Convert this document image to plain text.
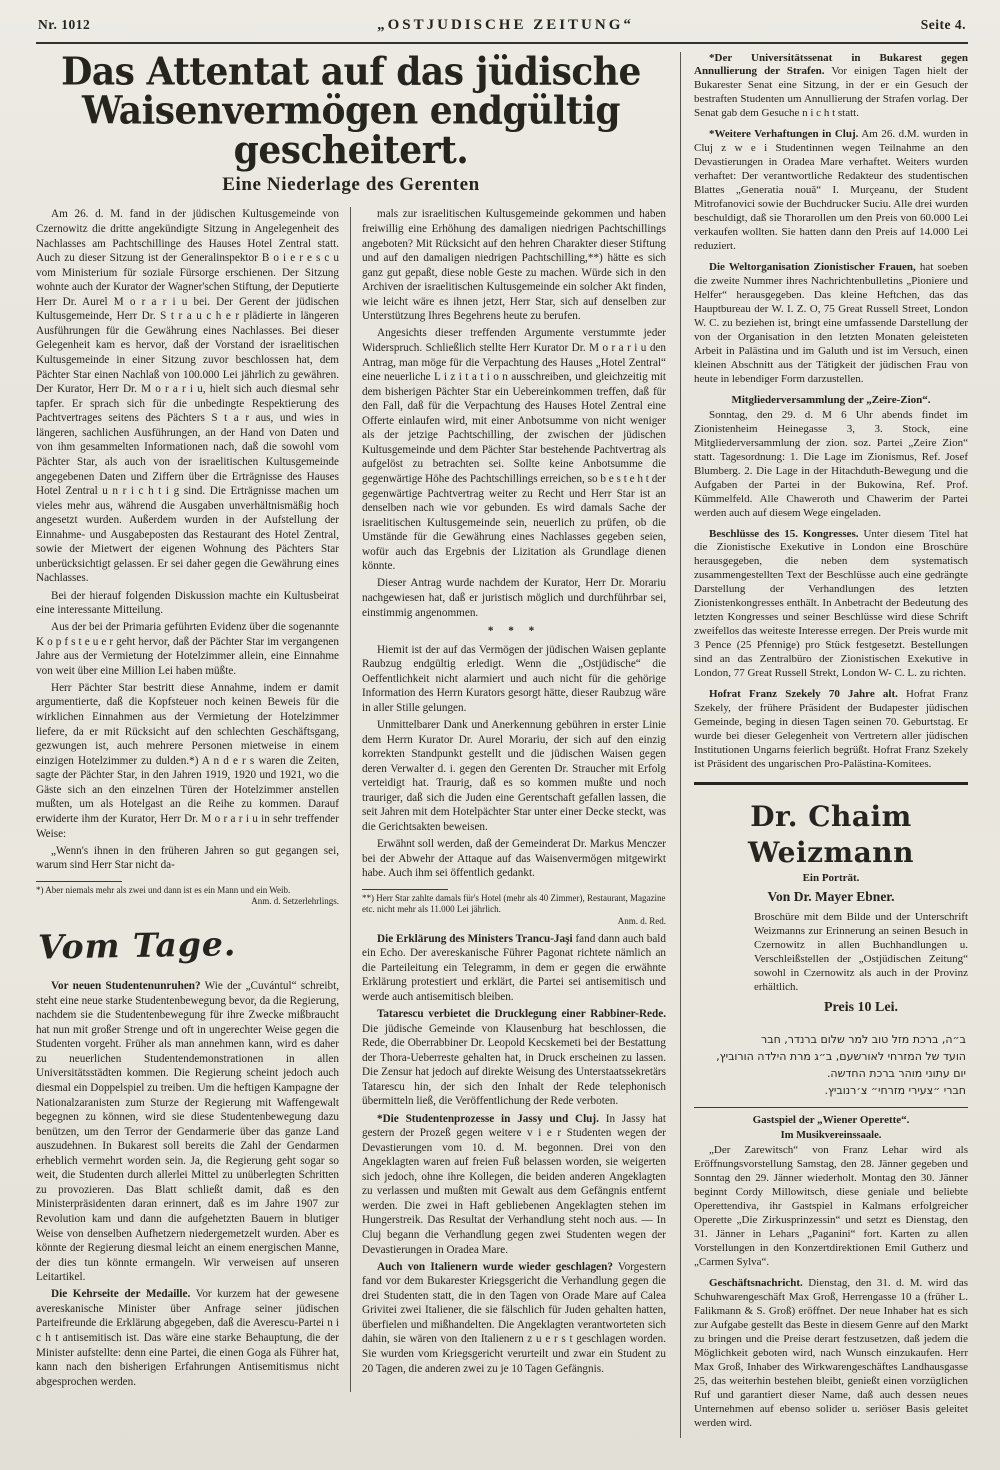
Nr. 1012	„OSTJUDISCHE ZEITUNG“	Seite 4.
Das Attentat auf das jüdische Waisenvermögen endgültig gescheitert.
Eine Niederlage des Gerenten

Am 26. d. M. fand in der jüdischen Kultusgemeinde von Czernowitz die dritte angekündigte Sitzung in Angelegenheit des Nachlasses am Pachtschillinge des Hauses Hotel Zentral statt. Auch zu dieser Sitzung ist der Generalinspektor B o i e r e s c u vom Ministerium für soziale Fürsorge erschienen. Der Sitzung wohnte auch der Kurator der Wagner'schen Stiftung, der Deputierte Herr Dr. Aurel M o r a r i u bei. Der Gerent der jüdischen Kultusgemeinde, Herr Dr. S t r a u c h e r plädierte in längeren Ausführungen für die Gewährung eines Nachlasses. Bei dieser Gelegenheit kam es hervor, daß der Vorstand der israelitischen Kultusgemeinde in einer Sitzung zuvor beschlossen hat, dem Pächter Star einen Nachlaß von 100.000 Lei jährlich zu gewähren. Der Kurator, Herr Dr. M o r a r i u, hielt sich auch diesmal sehr tapfer. Er sprach sich für die unbedingte Respektierung des Pachtvertrages seitens des Pächters S t a r aus, und wies in längeren, sachlichen Ausführungen, an der Hand von Daten und von ihm gesammelten Informationen nach, daß die sowohl vom Pächter Star, als auch von der israelitischen Kultusgemeinde angegebenen Daten und Ziffern über die Erträgnisse des Hauses Hotel Zentral u n r i c h t i g sind. Die Erträgnisse machen um vieles mehr aus, während die Ausgaben unverhältnismäßig hoch angesetzt wurden. Außerdem wurden in der Aufstellung der Einnahme- und Ausgabeposten das Restaurant des Hotel Zentral, sowie der Mietwert der eigenen Wohnung des Pächters Star unberücksichtigt gelassen. Er sei daher gegen die Gewährung eines Nachlasses.

Bei der hierauf folgenden Diskussion machte ein Kultusbeirat eine interessante Mitteilung.

Aus der bei der Primaria geführten Evidenz über die sogenannte K o p f s t e u e r geht hervor, daß der Pächter Star im vergangenen Jahre aus der Vermietung der Hotelzimmer allein, eine Einnahme von weit über eine Million Lei haben müßte.

Herr Pächter Star bestritt diese Annahme, indem er damit argumentierte, daß die Kopfsteuer noch keinen Beweis für die wirklichen Einnahmen aus der Vermietung der Hotelzimmer liefere, da er mit Rücksicht auf den schlechten Geschäftsgang, gezwungen ist, auch mehrere Personen mietweise in einem einzigen Hotelzimmer zu dulden.*) A n d e r s waren die Zeiten, sagte der Pächter Star, in den Jahren 1919, 1920 und 1921, wo die Gäste sich an den einzelnen Türen der Hotelzimmer anstellen mußten, um als Hotelgast an die Reihe zu kommen. Darauf erwiderte ihm der Kurator, Herr Dr. M o r a r i u in sehr treffender Weise:

„Wenn's ihnen in den früheren Jahren so gut gegangen sei, warum sind Herr Star nicht da-

*) Aber niemals mehr als zwei und dann ist es ein Mann und ein Weib.
Anm. d. Setzerlehrlings.
Vom Tage.

Vor neuen Studentenunruhen? Wie der „Cuvántul“ schreibt, steht eine neue starke Studentenbewegung bevor, da die Regierung, nachdem sie die Studentenbewegung für ihre Zwecke mißbraucht hat nun mit großer Strenge und oft in ungerechter Weise gegen die Studenten vorgeht. Früher als man annehmen kann, wird es daher zu neuerlichen Studentendemonstrationen in allen Universitätsstädten kommen. Die Regierung scheint jedoch auch diesmal ein Doppelspiel zu treiben. Um die heftigen Kampagne der Nationalzaranisten zum Sturze der Regierung mit Waffengewalt begegnen zu können, wird sie diese Studentenbewegung dazu benützen, um den Terror der Gendarmerie über das ganze Land auszudehnen. In Bukarest soll bereits die Zahl der Gendarmen erheblich vermehrt worden sein. Ja, die Regierung geht sogar so weit, die Studenten durch allerlei Mittel zu unüberlegten Schritten zu provozieren. Das Blatt schließt damit, daß es den Ministerpräsidenten daran erinnert, daß es im Jahre 1907 zur Revolution kam und dann die aufgehetzten Bauern in blutiger Weise von denselben Aufhetzern niedergemetzelt wurden. Aber es könnte der Regierung diesmal leicht an einem energischen Manne, der dies tun könnte ermangeln. Wir verweisen auf unseren Leitartikel.

Die Kehrseite der Medaille. Vor kurzem hat der gewesene avereskanische Minister über Anfrage seiner jüdischen Parteifreunde die Erklärung abgegeben, daß die Averescu-Partei n i c h t antisemitisch ist. Das wäre eine starke Behauptung, die der Minister aufstellte: denn eine Partei, die einen Goga als Führer hat, kann nach den bisherigen Erfahrungen Antisemitismus nicht abgesprochen werden.

mals zur israelitischen Kultusgemeinde gekommen und haben freiwillig eine Erhöhung des damaligen niedrigen Pachtschillings angeboten? Mit Rücksicht auf den hehren Charakter dieser Stiftung und auf den damaligen niedrigen Pachtschilling,**) hätte es sich ganz gut gepaßt, diese noble Geste zu machen. Würde sich in den Archiven der israelitischen Kultusgemeinde ein solcher Akt finden, wie leicht wäre es ihnen jetzt, Herr Star, sich auf denselben zur Unterstützung Ihres Begehrens heute zu berufen.

Angesichts dieser treffenden Argumente verstummte jeder Widerspruch. Schließlich stellte Herr Kurator Dr. M o r a r i u den Antrag, man möge für die Verpachtung des Hauses „Hotel Zentral“ eine neuerliche L i z i t a t i o n ausschreiben, und gleichzeitig mit dem bisherigen Pächter Star ein Uebereinkommen treffen, daß für den Fall, daß für die Verpachtung des Hauses Hotel Zentral eine Offerte einlaufen wird, mit einer Anbotsumme von nicht weniger als der jetzige Pachtschilling, der zwischen der jüdischen Kultusgemeinde und dem Pächter Star bestehende Pachtvertrag als aufgelöst zu betrachten sei. Sollte keine Anbotsumme die gegenwärtige Höhe des Pachtschillings erreichen, so b e s t e h t der gegenwärtige Pachtvertrag weiter zu Recht und Herr Star ist an denselben nach wie vor gebunden. Es wird damals Sache der israelitischen Kultusgemeinde sein, neuerlich zu prüfen, ob die Umstände für die Gewährung eines Nachlasses gegeben seien, wofür auch das Ergebnis der Lizitation als Grundlage dienen könnte.

Dieser Antrag wurde nachdem der Kurator, Herr Dr. Morariu nachgewiesen hat, daß er juristisch möglich und durchführbar sei, einstimmig angenommen.

* * *

Hiemit ist der auf das Vermögen der jüdischen Waisen geplante Raubzug endgültig erledigt. Wenn die „Ostjüdische“ die Oeffentlichkeit nicht alarmiert und auch nicht für die gehörige Information des Herrn Kurators gesorgt hätte, dieser Raubzug wäre in aller Stille gelungen.

Unmittelbarer Dank und Anerkennung gebühren in erster Linie dem Herrn Kurator Dr. Aurel Morariu, der sich auf den einzig korrekten Standpunkt gestellt und die jüdischen Waisen gegen deren Verwalter d. i. gegen den Gerenten Dr. Straucher mit Erfolg verteidigt hat. Traurig, daß es so kommen mußte und noch trauriger, daß sich die Juden eine Gerentschaft gefallen lassen, die seit Jahren mit dem Hotelpächter Star unter einer Decke steckt, was die Gerichtsakten beweisen.

Erwähnt soll werden, daß der Gemeinderat Dr. Markus Menczer bei der Abwehr der Attaque auf das Waisenvermögen mitgewirkt habe. Auch ihm sei öffentlich gedankt.

**) Herr Star zahlte damals für's Hotel (mehr als 40 Zimmer), Restaurant, Magazine etc. nicht mehr als 11.000 Lei jährlich.
Anm. d. Red.

Die Erklärung des Ministers Trancu-Jaşi fand dann auch bald ein Echo. Der avereskanische Führer Pagonat richtete nämlich an die Parteileitung ein Telegramm, in dem er gegen die erwähnte Erklärung protestiert und erklärt, die Partei sei antisemitisch und werde auch antisemitisch bleiben.

Tatarescu verbietet die Drucklegung einer Rabbiner-Rede. Die jüdische Gemeinde von Klausenburg hat beschlossen, die Rede, die Oberrabbiner Dr. Leopold Kecskemeti bei der Bestattung der Thora-Ueberreste gehalten hat, in Druck erscheinen zu lassen. Die Zensur hat jedoch auf direkte Weisung des Unterstaatssekretärs Tatarescu hin, der sich den Inhalt der Rede telephonisch übermitteln ließ, die Veröffentlichung der Rede verboten.

*Die Studentenprozesse in Jassy und Cluj. In Jassy hat gestern der Prozeß gegen weitere v i e r Studenten wegen der Devastierungen vom 10. d. M. begonnen. Drei von den Angeklagten waren auf freien Fuß belassen worden, sie weigerten sich jedoch, ohne ihre Kollegen, die beiden anderen Angeklagten zu verlassen und mußten mit Gewalt aus dem Gefängnis entfernt werden. Die zwei in Haft gebliebenen Angeklagten stehen im Hungerstreik. Das Resultat der Verhandlung steht noch aus. — In Cluj begann die Verhandlung gegen zwei Studenten wegen der Devastierungen in Oradea Mare.

Auch von Italienern wurde wieder geschlagen? Vorgestern fand vor dem Bukarester Kriegsgericht die Verhandlung gegen die drei Studenten statt, die in den Tagen von Orade Mare auf Calea Grivitei zwei Italiener, die sie fälschlich für Juden gehalten hatten, überfielen und mißhandelten. Die Angeklagten verantworteten sich dahin, sie wären von den Italienern z u e r s t geschlagen worden. Sie wurden vom Kriegsgericht verurteilt und zwar ein Student zu 20 Tagen, die anderen zwei zu je 10 Tagen Gefängnis.

*Der Universitätssenat in Bukarest gegen Annullierung der Strafen. Vor einigen Tagen hielt der Bukarester Senat eine Sitzung, in der er ein Gesuch der bestraften Studenten um Annullierung der Strafen vorlag. Der Senat gab dem Gesuche n i c h t statt.

*Weitere Verhaftungen in Cluj. Am 26. d.M. wurden in Cluj z w e i Studentinnen wegen Teilnahme an den Devastierungen in Oradea Mare verhaftet. Weiters wurden verhaftet: Der verantwortliche Redakteur des studentischen Blattes „Generatia nouă“ I. Murçeanu, der Student Mitrofanovici sowie der Buchdrucker Suciu. Alle drei wurden beschuldigt, daß sie Thorarollen um den Preis von 60.000 Lei verkaufen wollten. Sie hatten dann den Preis auf 14.000 Lei reduziert.

Die Weltorganisation Zionistischer Frauen, hat soeben die zweite Nummer ihres Nachrichtenbulletins „Pioniere und Helfer“ herausgegeben. Das kleine Heftchen, das das Hauptbureau der W. I. Z. O, 75 Great Russell Street, London W. C. zu beziehen ist, bringt eine umfassende Darstellung der von der Organisation in den letzten Monaten geleisteten Arbeit in Palästina und im Galuth und ist im Versuch, einen kleinen Abschnitt aus der Tätigkeit der jüdischen Frau von heute in lebendiger Form darzustellen.

Mitgliederversammlung der „Zeire-Zion“.

Sonntag, den 29. d. M 6 Uhr abends findet im Zionistenheim Heinegasse 3, 3. Stock, eine Mitgliederversammlung der zion. soz. Partei „Zeire Zion“ statt. Tagesordnung: 1. Die Lage im Zionismus, Ref. Josef Blumberg. 2. Die Lage in der Hitachduth-Bewegung und die Aufgaben der Partei in der Bukowina, Ref. Prof. Kümmelfeld. Alle Chaweroth und Chawerim der Partei werden auch auf diesem Wege eingeladen.

Beschlüsse des 15. Kongresses. Unter diesem Titel hat die Zionistische Exekutive in London eine Broschüre herausgegeben, die neben dem systematisch zusammengestellten Text der Beschlüsse auch eine gedrängte Darstellung der Verhandlungen des letzten Zionistenkongresses enthält. In Anbetracht der Bedeutung des letzten Kongresses und seiner Beschlüsse wird diese Schrift zweifellos das weiteste Interesse erregen. Der Preis wurde mit 3 Pence (25 Pfennige) pro Stück festgesetzt. Bestellungen sind an das Zentralbüro der Zionistischen Exekutive in London, 77 Great Russell Strekt, London W- C. L. zu richten.

Hofrat Franz Szekely 70 Jahre alt. Hofrat Franz Szekely, der frühere Präsident der Budapester jüdischen Gemeinde, beging in diesen Tagen seinen 70. Geburtstag. Er wurde bei dieser Gelegenheit von Vertretern aller jüdischen Institutionen Ungarns feierlich begrüßt. Hofrat Franz Szekely ist Präsident des ungarischen Pro-Palästina-Komitees.

Dr. Chaim Weizmann
Ein Porträt.
Von Dr. Mayer Ebner.

Broschüre mit dem Bilde und der Unterschrift Weizmanns zur Erinnerung an seinen Besuch in Czernowitz in allen Buchhandlungen u. Verschleißstellen der „Ostjüdischen Zeitung“ sowohl in Czernowitz als auch in der Provinz erhältlich.

Preis 10 Lei.
ב״ה, ברכת מזל טוב למר שלום ברנדר, חבר
הועד של המזרחי לאורשעם, ב״ג מרת הילדה הורוביץ,
יום עתוני מוהר ברכת החדשה.
חברי ״צעירי מזרחי״ צ׳רנוביץ.
Gastspiel der „Wiener Operette“.
Im Musikvereinssaale.

„Der Zarewitsch“ von Franz Lehar wird als Eröffnungsvorstellung Samstag, den 28. Jänner gegeben und Sonntag den 29. Jänner wiederholt. Montag den 30. Jänner beginnt Cordy Millowitsch, diese geniale und beliebte Operettendiva, ihr Gastspiel in Kalmans erfolgreicher Operette „Die Zirkusprinzessin“ und setzt es Dienstag, den 31. Jänner in Lehars „Paganini“ fort. Karten zu allen Vorstellungen in den Konzertdirektionen Emil Gutherz und „Carmen Sylva“.

Geschäftsnachricht. Dienstag, den 31. d. M. wird das Schuhwarengeschäft Max Groß, Herrengasse 10 a (früher L. Falikmann & S. Groß) eröffnet. Der neue Inhaber hat es sich zur Aufgabe gestellt das Beste in diesem Genre auf den Markt zu bringen und die Preise derart festzusetzen, daß jedem die Möglichkeit geboten wird, nach Wunsch einzukaufen. Herr Max Groß, Inhaber des Wirkwarengeschäftes Landhausgasse 25, das weiterhin bestehen bleibt, genießt einen vorzüglichen Ruf und garantiert dieser Name, daß auch dessen neues Unternehmen auf ebenso solider u. seriöser Basis geleitet werden wird.
